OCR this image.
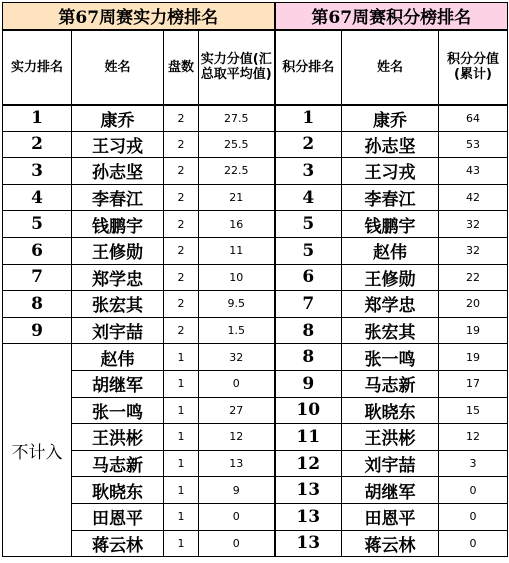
第67周赛实力榜排名				第67周赛积分榜排名		
实力排名	姓名	盘数	实力分值(汇总取平均值)	积分排名	姓名	积分分值(累计)
1	康乔	2	27.5	1	康乔	64
2	王习戎	2	25.5	2	孙志坚	53
3	孙志坚	2	22.5	3	王习戎	43
4	李春江	2	21	4	李春江	42
5	钱鹏宇	2	16	5	钱鹏宇	32
6	王修勋	2	11	5	赵伟	32
7	郑学忠	2	10	6	王修勋	22
8	张宏其	2	9.5	7	郑学忠	20
9	刘宇喆	2	1.5	8	张宏其	19
不计入	赵伟	1	32	8	张一鸣	19
	胡继军	1	0	9	马志新	17
	张一鸣	1	27	10	耿晓东	15
	王洪彬	1	12	11	王洪彬	12
	马志新	1	13	12	刘宇喆	3
	耿晓东	1	9	13	胡继军	0
	田恩平	1	0	13	田恩平	0
	蒋云林	1	0	13	蒋云林	0
